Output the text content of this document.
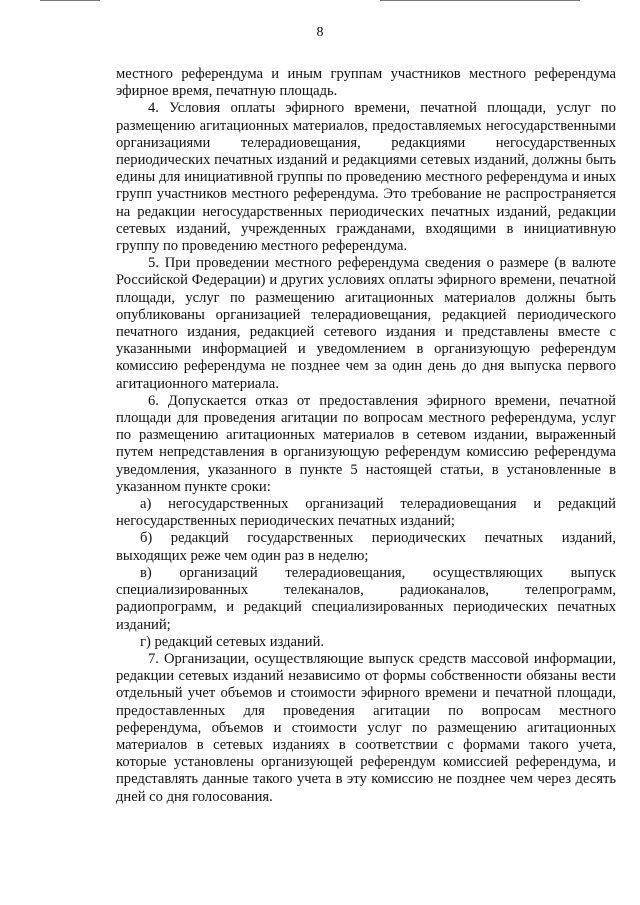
8

местного референдума и иным группам участников местного референдума эфирное время, печатную площадь.

4. Условия оплаты эфирного времени, печатной площади, услуг по размещению агитационных материалов, предоставляемых негосударственными организациями телерадиовещания, редакциями негосударственных периодических печатных изданий и редакциями сетевых изданий, должны быть едины для инициативной группы по проведению местного референдума и иных групп участников местного референдума. Это требование не распространяется на редакции негосударственных периодических печатных изданий, редакции сетевых изданий, учрежденных гражданами, входящими в инициативную группу по проведению местного референдума.

5. При проведении местного референдума сведения о размере (в валюте Российской Федерации) и других условиях оплаты эфирного времени, печатной площади, услуг по размещению агитационных материалов должны быть опубликованы организацией телерадиовещания, редакцией периодического печатного издания, редакцией сетевого издания и представлены вместе с указанными информацией и уведомлением в организующую референдум комиссию референдума не позднее чем за один день до дня выпуска первого агитационного материала.

6. Допускается отказ от предоставления эфирного времени, печатной площади для проведения агитации по вопросам местного референдума, услуг по размещению агитационных материалов в сетевом издании, выраженный путем непредставления в организующую референдум комиссию референдума уведомления, указанного в пункте 5 настоящей статьи, в установленные в указанном пункте сроки:

а) негосударственных организаций телерадиовещания и редакций негосударственных периодических печатных изданий;

б) редакций государственных периодических печатных изданий, выходящих реже чем один раз в неделю;

в) организаций телерадиовещания, осуществляющих выпуск специализированных телеканалов, радиоканалов, телепрограмм, радиопрограмм, и редакций специализированных периодических печатных изданий;

г) редакций сетевых изданий.

7. Организации, осуществляющие выпуск средств массовой информации, редакции сетевых изданий независимо от формы собственности обязаны вести отдельный учет объемов и стоимости эфирного времени и печатной площади, предоставленных для проведения агитации по вопросам местного референдума, объемов и стоимости услуг по размещению агитационных материалов в сетевых изданиях в соответствии с формами такого учета, которые установлены организующей референдум комиссией референдума, и представлять данные такого учета в эту комиссию не позднее чем через десять дней со дня голосования.
